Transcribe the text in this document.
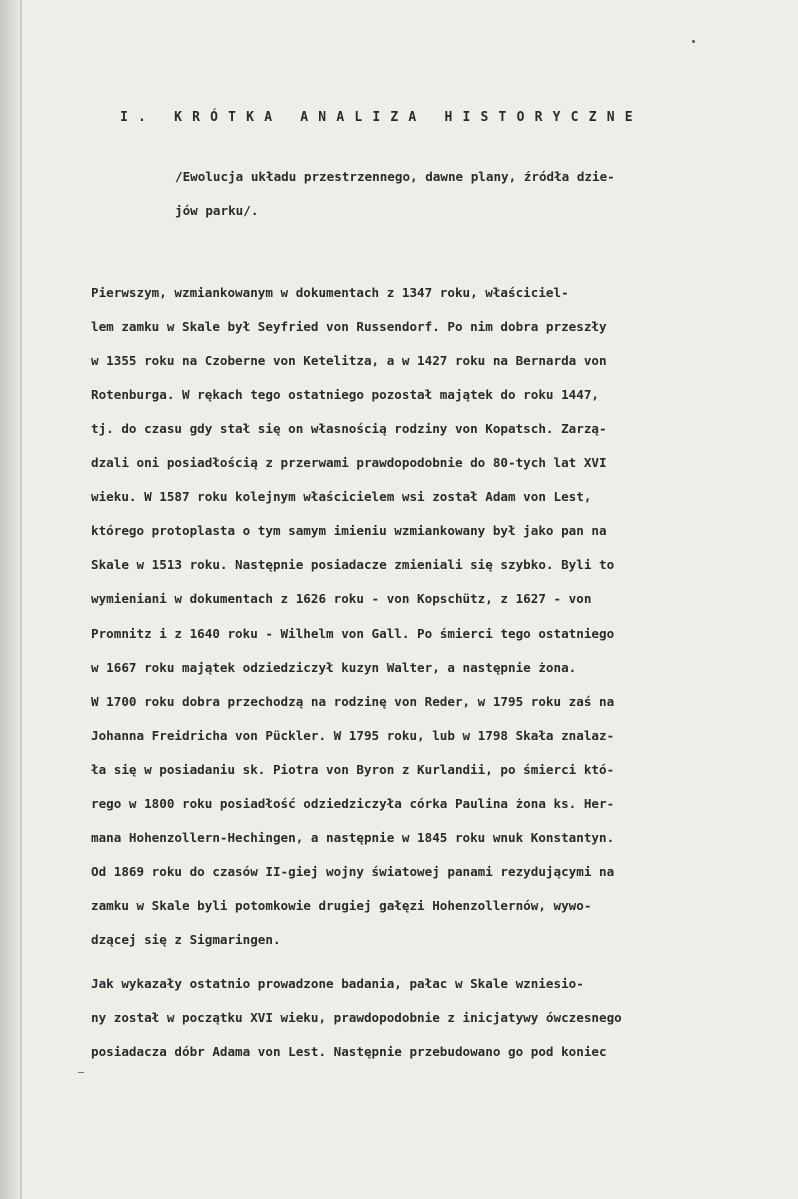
I. KRÓTKA ANALIZA HISTORYCZNE
/Ewolucja układu przestrzennego, dawne plany, źródła dzie-
jów parku/.
Pierwszym, wzmiankowanym w dokumentach z 1347 roku, właściciel-
lem zamku w Skale był Seyfried von Russendorf. Po nim dobra przeszły
w 1355 roku na Czoberne von Ketelitza, a w 1427 roku na Bernarda von
Rotenburga. W rękach tego ostatniego pozostał majątek do roku 1447,
tj. do czasu gdy stał się on własnością rodziny von Kopatsch. Zarzą-
dzali oni posiadłością z przerwami prawdopodobnie do 80-tych lat XVI
wieku. W 1587 roku kolejnym właścicielem wsi został Adam von Lest,
którego protoplasta o tym samym imieniu wzmiankowany był jako pan na
Skale w 1513 roku. Następnie posiadacze zmieniali się szybko. Byli to
wymieniani w dokumentach z 1626 roku - von Kopschütz, z 1627 - von
Promnitz i z 1640 roku - Wilhelm von Gall. Po śmierci tego ostatniego
w 1667 roku majątek odziedziczył kuzyn Walter, a następnie żona.
W 1700 roku dobra przechodzą na rodzinę von Reder, w 1795 roku zaś na
Johanna Freidricha von Pückler. W 1795 roku, lub w 1798 Skała znalaz-
ła się w posiadaniu sk. Piotra von Byron z Kurlandii, po śmierci któ-
rego w 1800 roku posiadłość odziedziczyła córka Paulina żona ks. Her-
mana Hohenzollern-Hechingen, a następnie w 1845 roku wnuk Konstantyn.
Od 1869 roku do czasów II-giej wojny światowej panami rezydującymi na
zamku w Skale byli potomkowie drugiej gałęzi Hohenzollernów, wywo-
dzącej się z Sigmaringen.
Jak wykazały ostatnio prowadzone badania, pałac w Skale wzniesio-
ny został w początku XVI wieku, prawdopodobnie z inicjatywy ówczesnego
posiadacza dóbr Adama von Lest. Następnie przebudowano go pod koniec
